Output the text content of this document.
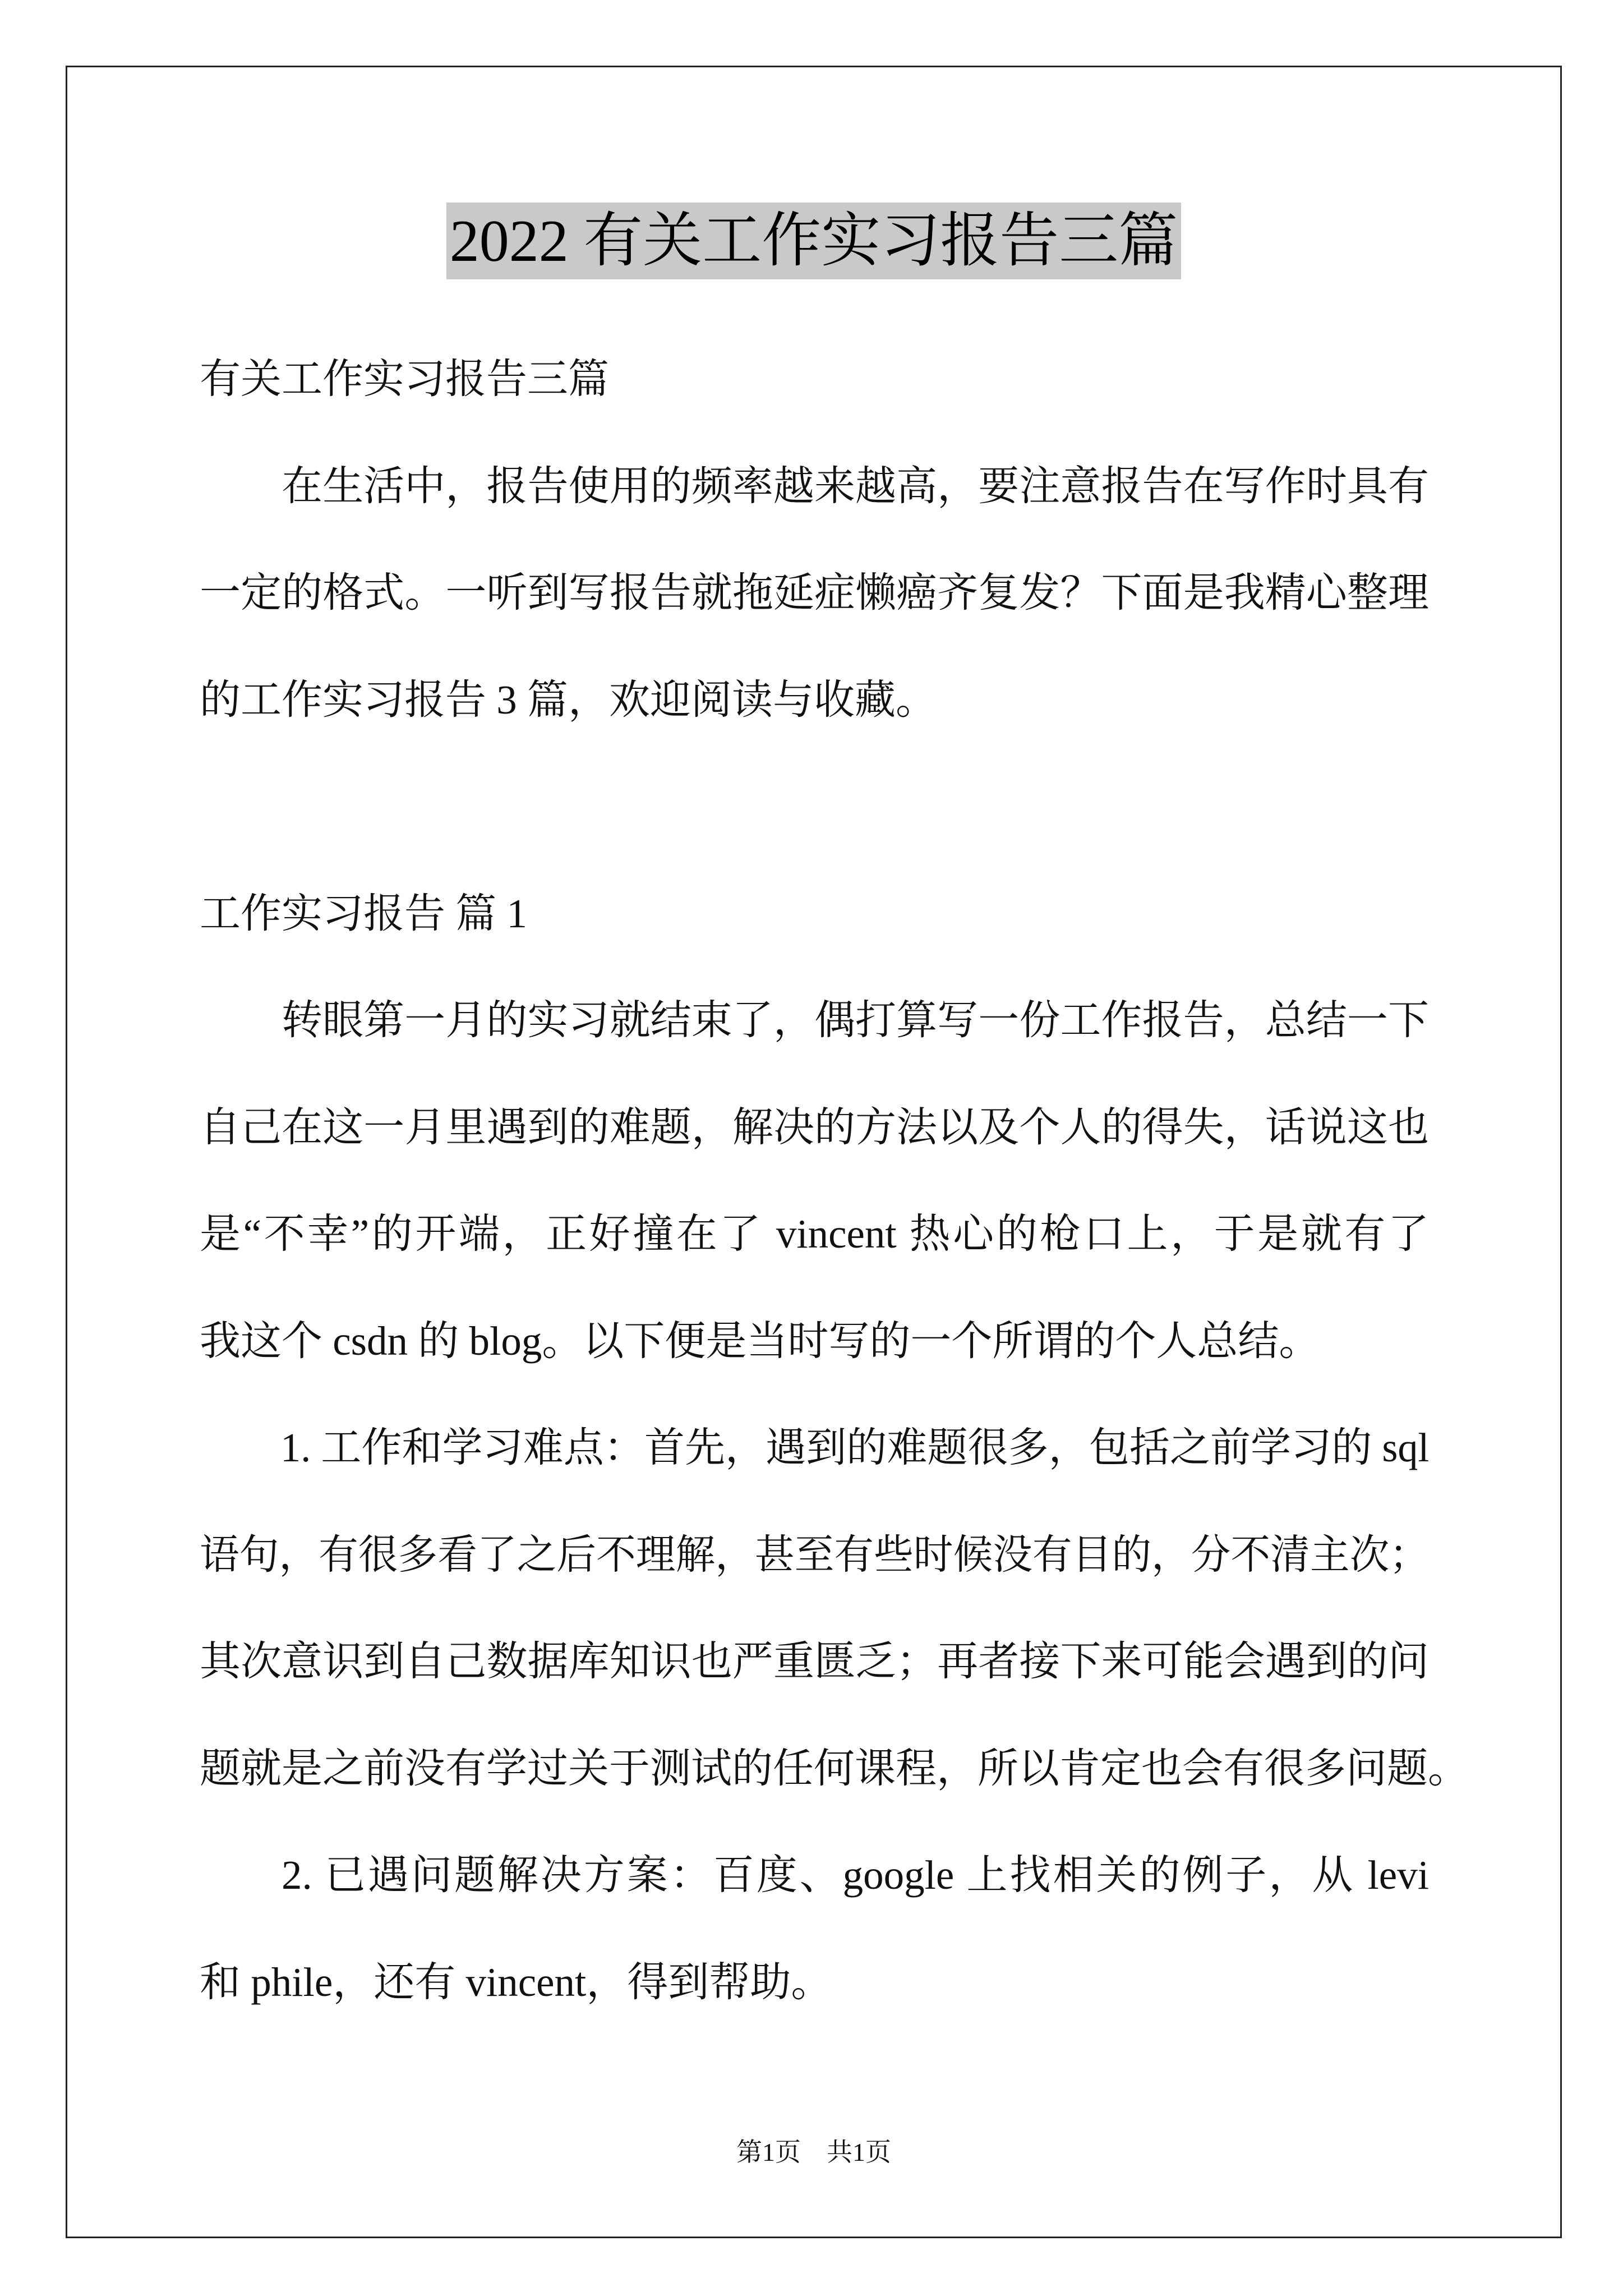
2022 有关工作实习报告三篇
有关工作实习报告三篇
在生活中，报告使用的频率越来越高，要注意报告在写作时具有
一定的格式。一听到写报告就拖延症懒癌齐复发？下面是我精心整理
的工作实习报告 3 篇，欢迎阅读与收藏。
工作实习报告 篇 1
转眼第一月的实习就结束了，偶打算写一份工作报告，总结一下
自己在这一月里遇到的难题，解决的方法以及个人的得失，话说这也
是“不幸”的开端，正好撞在了 vincent 热心的枪口上，于是就有了
我这个 csdn 的 blog。以下便是当时写的一个所谓的个人总结。
1. 工作和学习难点：首先，遇到的难题很多，包括之前学习的 sql
语句，有很多看了之后不理解，甚至有些时候没有目的，分不清主次；
其次意识到自己数据库知识也严重匮乏；再者接下来可能会遇到的问
题就是之前没有学过关于测试的任何课程，所以肯定也会有很多问题。
2. 已遇问题解决方案：百度、google 上找相关的例子，从 levi
和 phile，还有 vincent，得到帮助。
第1页　共1页
